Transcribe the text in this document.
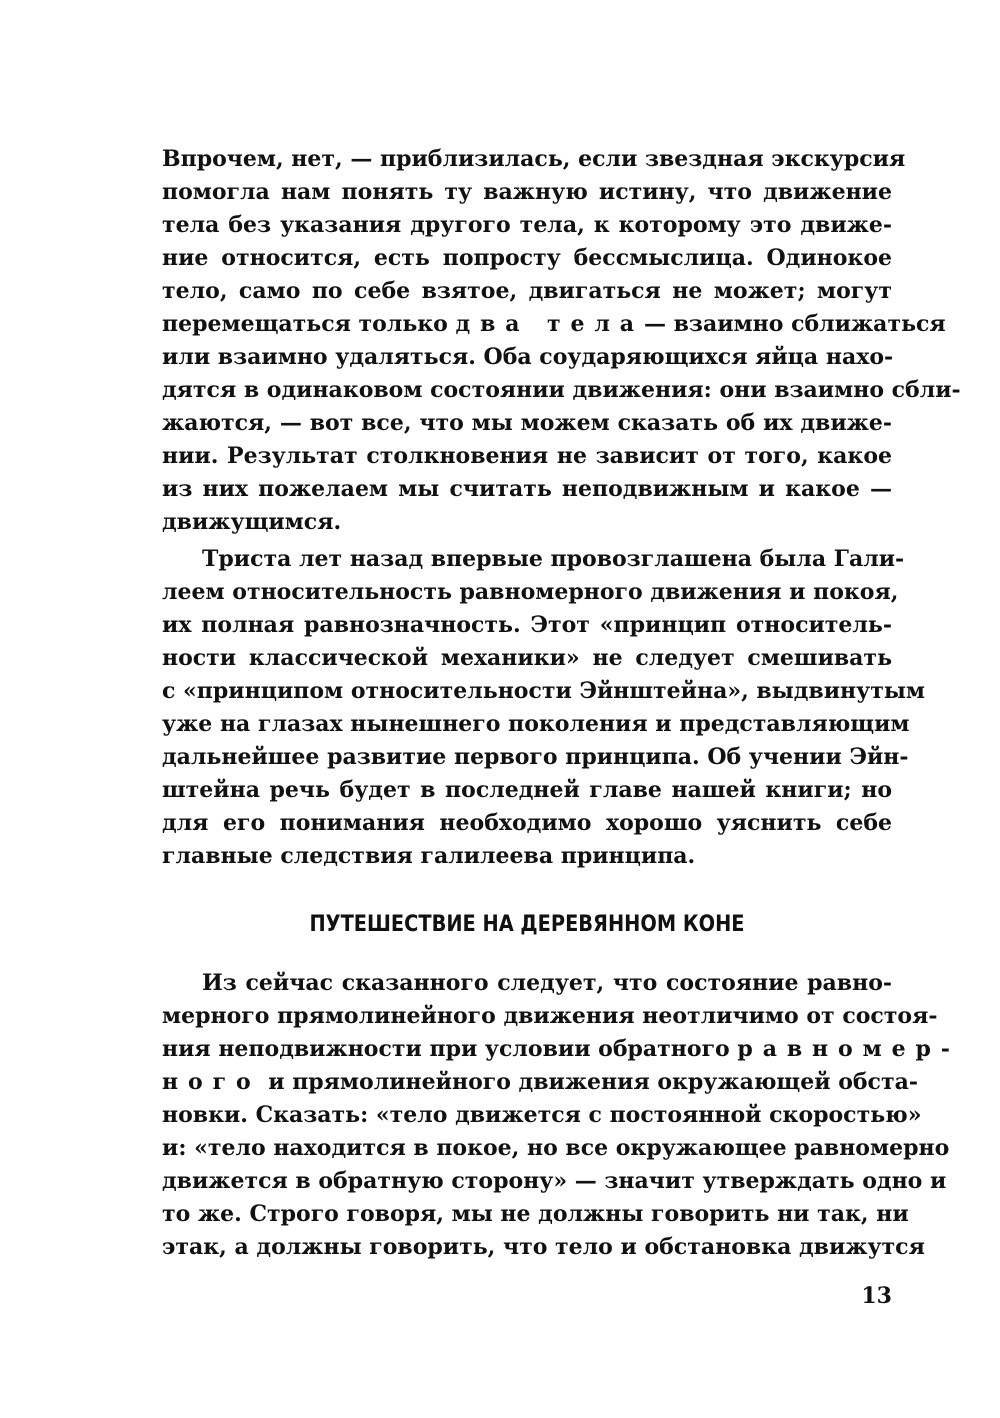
Впрочем, нет, — приблизилась, если звездная экскурсия
помогла нам понять ту важную истину, что движение
тела без указания другого тела, к которому это движе-
ние относится, есть попросту бессмыслица. Одинокое
тело, само по себе взятое, двигаться не может; могут
перемещаться только два тела— взаимно сближаться
или взаимно удаляться. Оба соударяющихся яйца нахо-
дятся в одинаковом состоянии движения: они взаимно сбли-
жаются, — вот все, что мы можем сказать об их движе-
нии. Результат столкновения не зависит от того, какое
из них пожелаем мы считать неподвижным и какое —
движущимся.
Триста лет назад впервые провозглашена была Гали-
леем относительность равномерного движения и покоя,
их полная равнозначность. Этот «принцип относитель-
ности классической механики» не следует смешивать
с «принципом относительности Эйнштейна», выдвинутым
уже на глазах нынешнего поколения и представляющим
дальнейшее развитие первого принципа. Об учении Эйн-
штейна речь будет в последней главе нашей книги; но
для его понимания необходимо хорошо уяснить себе
главные следствия галилеева принципа.
ПУТЕШЕСТВИЕ НА ДЕРЕВЯННОМ КОНЕ
Из сейчас сказанного следует, что состояние равно-
мерного прямолинейного движения неотличимо от состоя-
ния неподвижности при условии обратного равномер-
ного и прямолинейного движения окружающей обста-
новки. Сказать: «тело движется с постоянной скоростью»
и: «тело находится в покое, но все окружающее равномерно
движется в обратную сторону» — значит утверждать одно и
то же. Строго говоря, мы не должны говорить ни так, ни
этак, а должны говорить, что тело и обстановка движутся
13
